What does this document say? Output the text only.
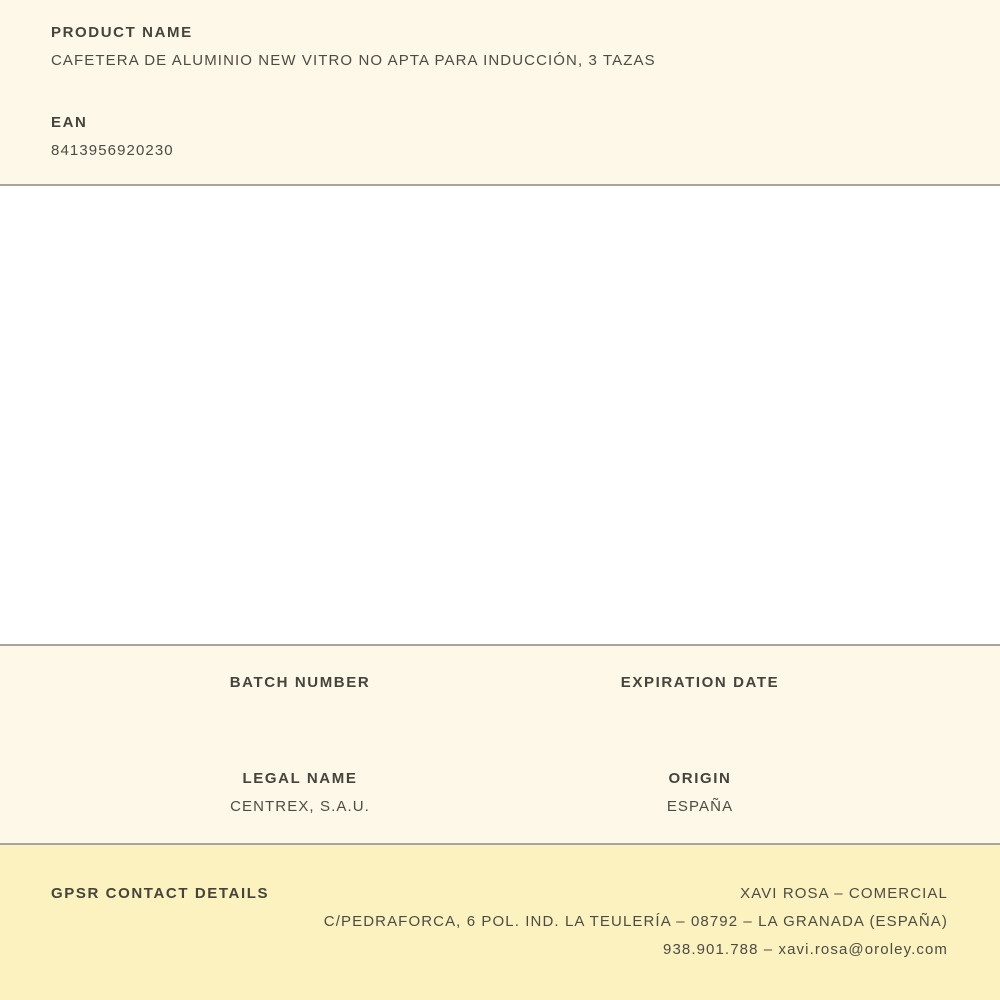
PRODUCT NAME
CAFETERA DE ALUMINIO NEW VITRO NO APTA PARA INDUCCIÓN, 3 TAZAS
EAN
8413956920230
BATCH NUMBER	EXPIRATION DATE
LEGAL NAME
CENTREX, S.A.U.
ORIGIN
ESPAÑA
GPSR CONTACT DETAILS	XAVI ROSA – COMERCIAL
C/PEDRAFORCA, 6 POL. IND. LA TEULERÍA – 08792 – LA GRANADA (ESPAÑA)
938.901.788 – xavi.rosa@oroley.com
